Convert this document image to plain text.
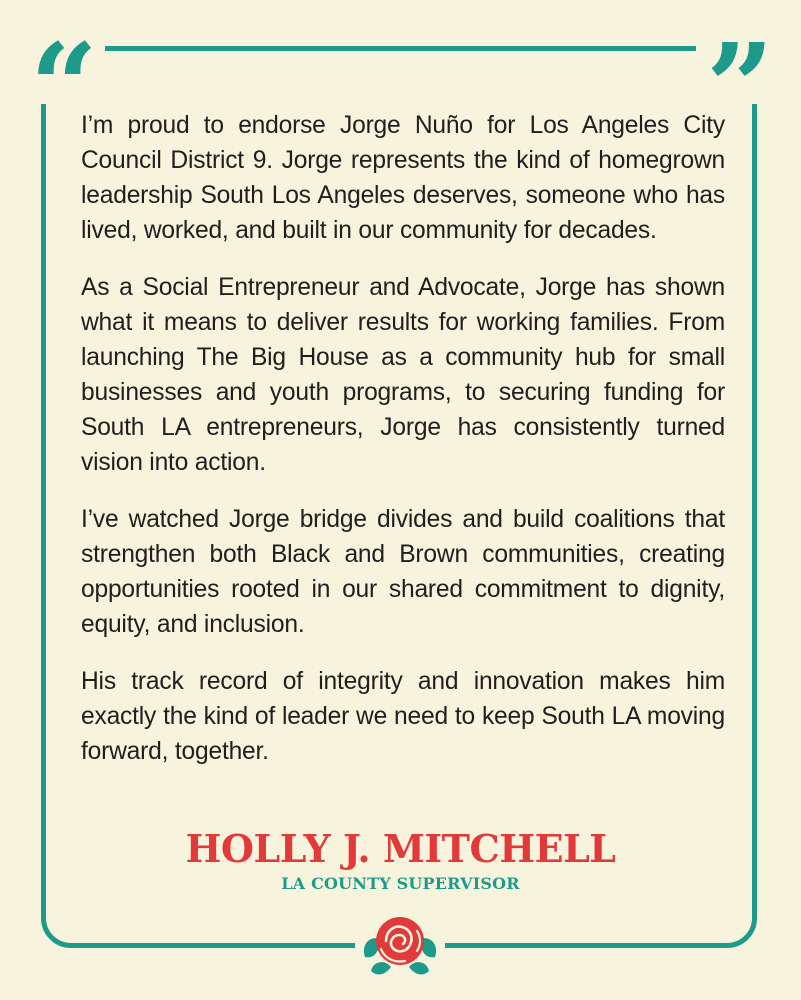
“	”

I’m proud to endorse Jorge Nuño for Los Angeles City Council District 9. Jorge represents the kind of homegrown leadership South Los Angeles deserves, someone who has lived, worked, and built in our community for decades.

As a Social Entrepreneur and Advocate, Jorge has shown what it means to deliver results for working families. From launching The Big House as a community hub for small businesses and youth programs, to securing funding for South LA entrepreneurs, Jorge has consistently turned vision into action.

I’ve watched Jorge bridge divides and build coalitions that strengthen both Black and Brown communities, creating opportunities rooted in our shared commitment to dignity, equity, and inclusion.

His track record of integrity and innovation makes him exactly the kind of leader we need to keep South LA moving forward, together.

HOLLY J. MITCHELL
LA COUNTY SUPERVISOR
